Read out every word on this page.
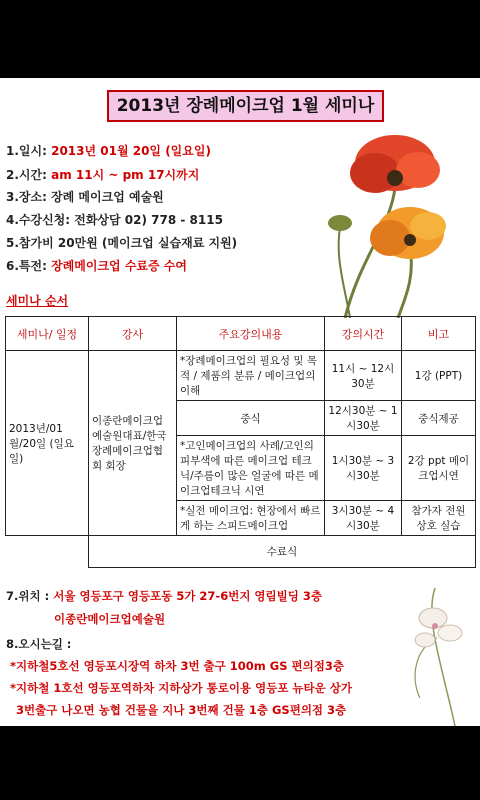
2013년 장례메이크업 1월 세미나
1.일시: 2013년 01월 20일 (일요일)
2.시간: am 11시 ~ pm 17시까지
3.장소: 장례 메이크업 예술원
4.수강신청: 전화상담 02) 778 - 8115
5.참가비 20만원 (메이크업 실습재료 지원)
6.특전: 장례메이크업 수료증 수여
세미나 순서
세미나/ 일정	강사	주요강의내용	강의시간	비고
2013년/01월/20일 (일요일)	이종란메이크업예술원대표/한국장례메이크업협회 회장	*장례메이크업의 필요성 및 목적 / 제품의 분류 / 메이크업의 이해	11시 ~ 12시30분	1강 (PPT)
		중식	12시30분 ~ 1시30분	중식제공
		*고인메이크업의 사례/고인의 피부색에 따른 메이크업 테크닉/주름이 많은 얼굴에 따른 메이크업테크닉 시연	1시30분 ~ 3시30분	2강 ppt 메이크업시연
		*실전 메이크업: 현장에서 빠르게 하는 스피드메이크업	3시30분 ~ 4시30분	참가자 전원 상호 실습
	수료식			
7.위치 : 서울 영등포구 영등포동 5가 27-6번지 영림빌딩 3층
이종란메이크업예술원
8.오시는길 :
*지하철5호선 영등포시장역 하차 3번 출구 100m GS 편의점3층
*지하철 1호선 영등포역하차 지하상가 통로이용 영등포 뉴타운 상가
3번출구 나오면 농협 건물을 지나 3번째 건물 1층 GS편의점 3층
